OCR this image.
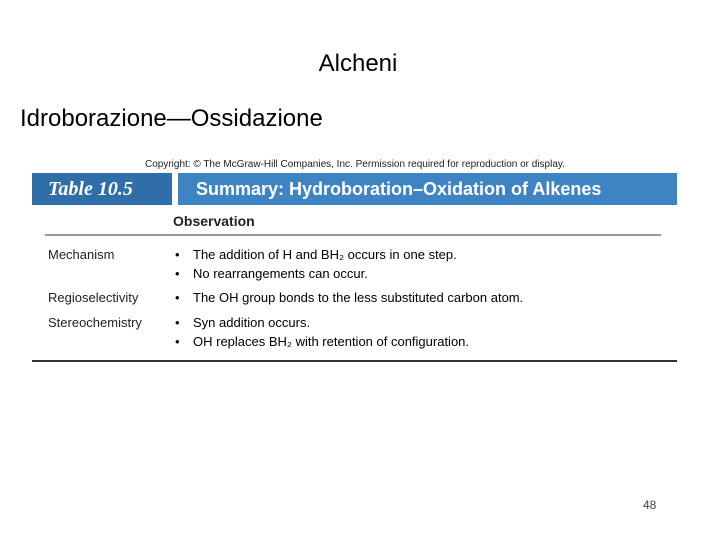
Alcheni
Idroborazione—Ossidazione
Copyright: © The McGraw-Hill Companies, Inc. Permission required for reproduction or display.
Table 10.5	Summary: Hydroboration–Oxidation of Alkenes
Observation
Mechanism	• The addition of H and BH₂ occurs in one step.
• No rearrangements can occur.
Regioselectivity	• The OH group bonds to the less substituted carbon atom.
Stereochemistry	• Syn addition occurs.
• OH replaces BH₂ with retention of configuration.
48
